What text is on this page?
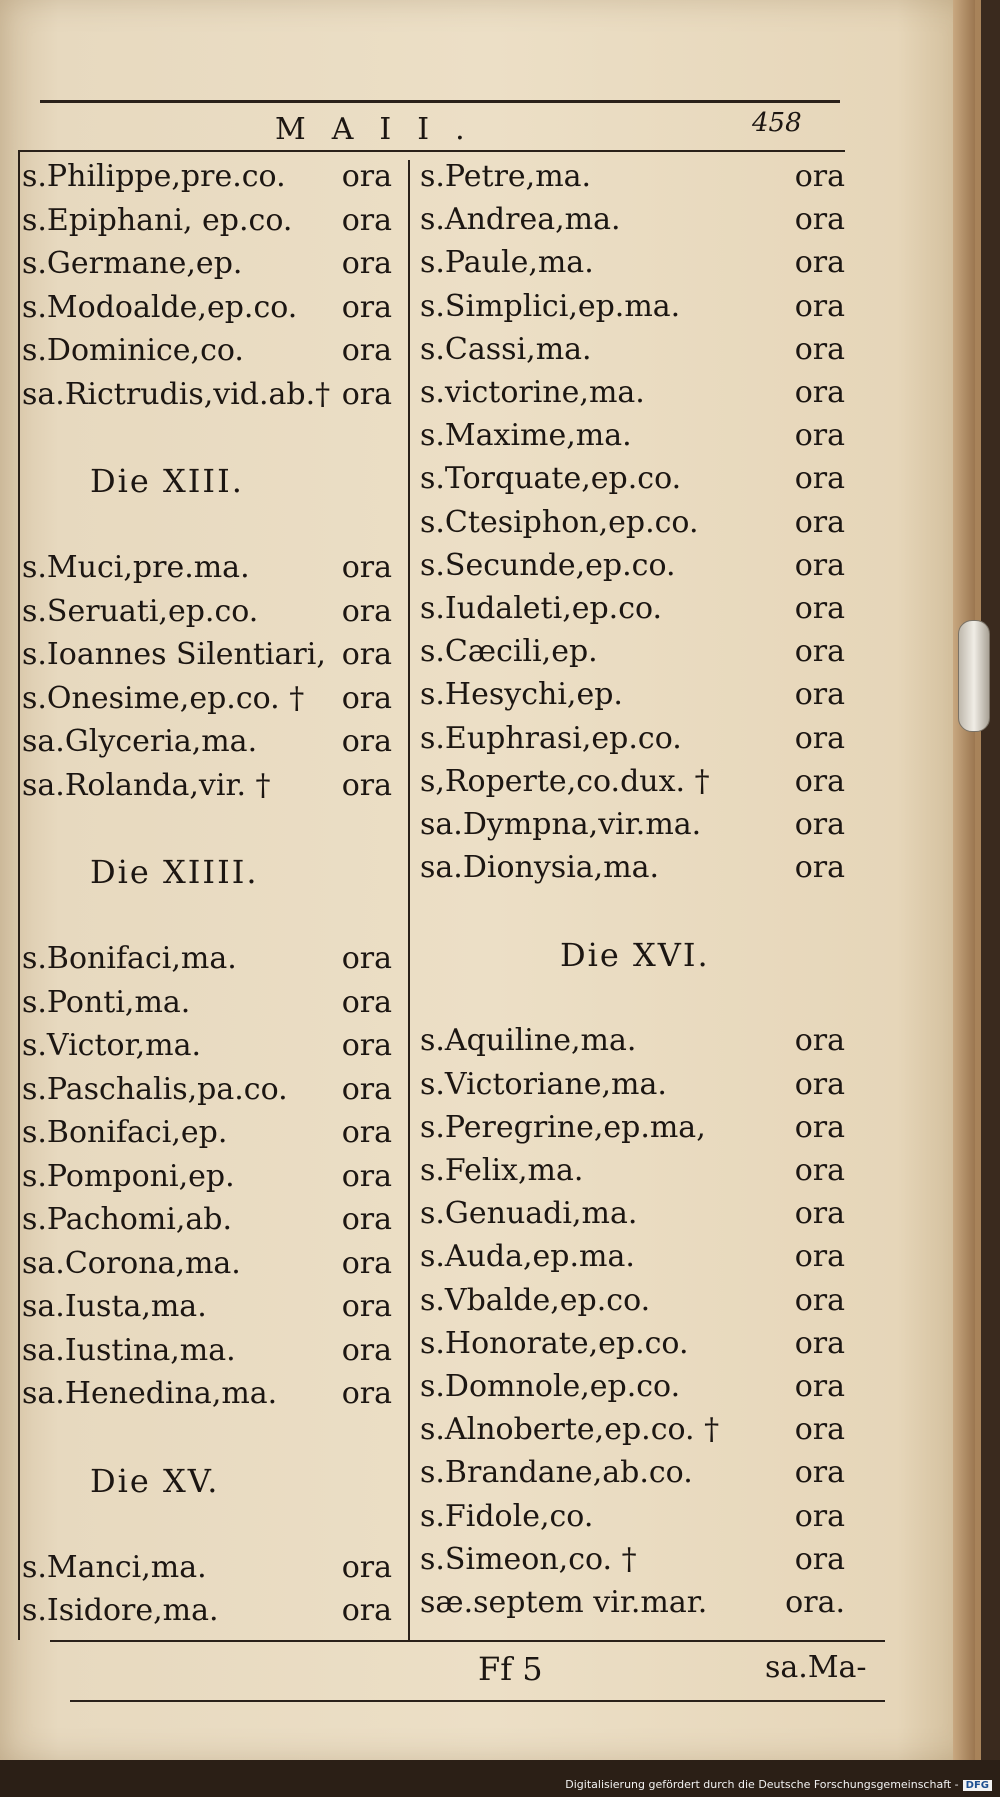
MAII.	458
s.Philippe,pre.co. ora
s.Epiphani, ep.co. ora
s.Germane,ep.	ora
s.Modoalde,ep.co. ora
s.Dominice,co.	ora
sa.Rictrudis,vid.ab.† ora
Die XIII.
s.Muci,pre.ma.	ora
s.Seruati,ep.co.	ora
s.Ioannes Silentiari, ora
s.Onesime,ep.co. † ora
sa.Glyceria,ma.	ora
sa.Rolanda,vir. † ora
Die XIIII.
s.Bonifaci,ma.	ora
s.Ponti,ma.	ora
s.Victor,ma.	ora
s.Paschalis,pa.co. ora
s.Bonifaci,ep.	ora
s.Pomponi,ep.	ora
s.Pachomi,ab.	ora
sa.Corona,ma.	ora
sa.Iusta,ma.	ora
sa.Iustina,ma.	ora
sa.Henedina,ma. ora
Die XV.
s.Manci,ma.	ora
s.Isidore,ma.	ora
s.Petre,ma.	ora
s.Andrea,ma.	ora
s.Paule,ma.	ora
s.Simplici,ep.ma.	ora
s.Cassi,ma.	ora
s.victorine,ma.	ora
s.Maxime,ma.	ora
s.Torquate,ep.co.	ora
s.Ctesiphon,ep.co.	ora
s.Secunde,ep.co.	ora
s.Iudaleti,ep.co.	ora
s.Cæcili,ep.	ora
s.Hesychi,ep.	ora
s.Euphrasi,ep.co.	ora
s,Roperte,co.dux. †	ora
sa.Dympna,vir.ma.	ora
sa.Dionysia,ma.	ora
Die XVI.
s.Aquiline,ma.	ora
s.Victoriane,ma.	ora
s.Peregrine,ep.ma,	ora
s.Felix,ma.	ora
s.Genuadi,ma.	ora
s.Auda,ep.ma.	ora
s.Vbalde,ep.co.	ora
s.Honorate,ep.co.	ora
s.Domnole,ep.co.	ora
s.Alnoberte,ep.co. †	ora
s.Brandane,ab.co.	ora
s.Fidole,co.	ora
s.Simeon,co. †	ora
sæ.septem vir.mar.	ora.
Ff 5	sa.Ma-
Digitalisierung gefördert durch die Deutsche Forschungsgemeinschaft - DFG
